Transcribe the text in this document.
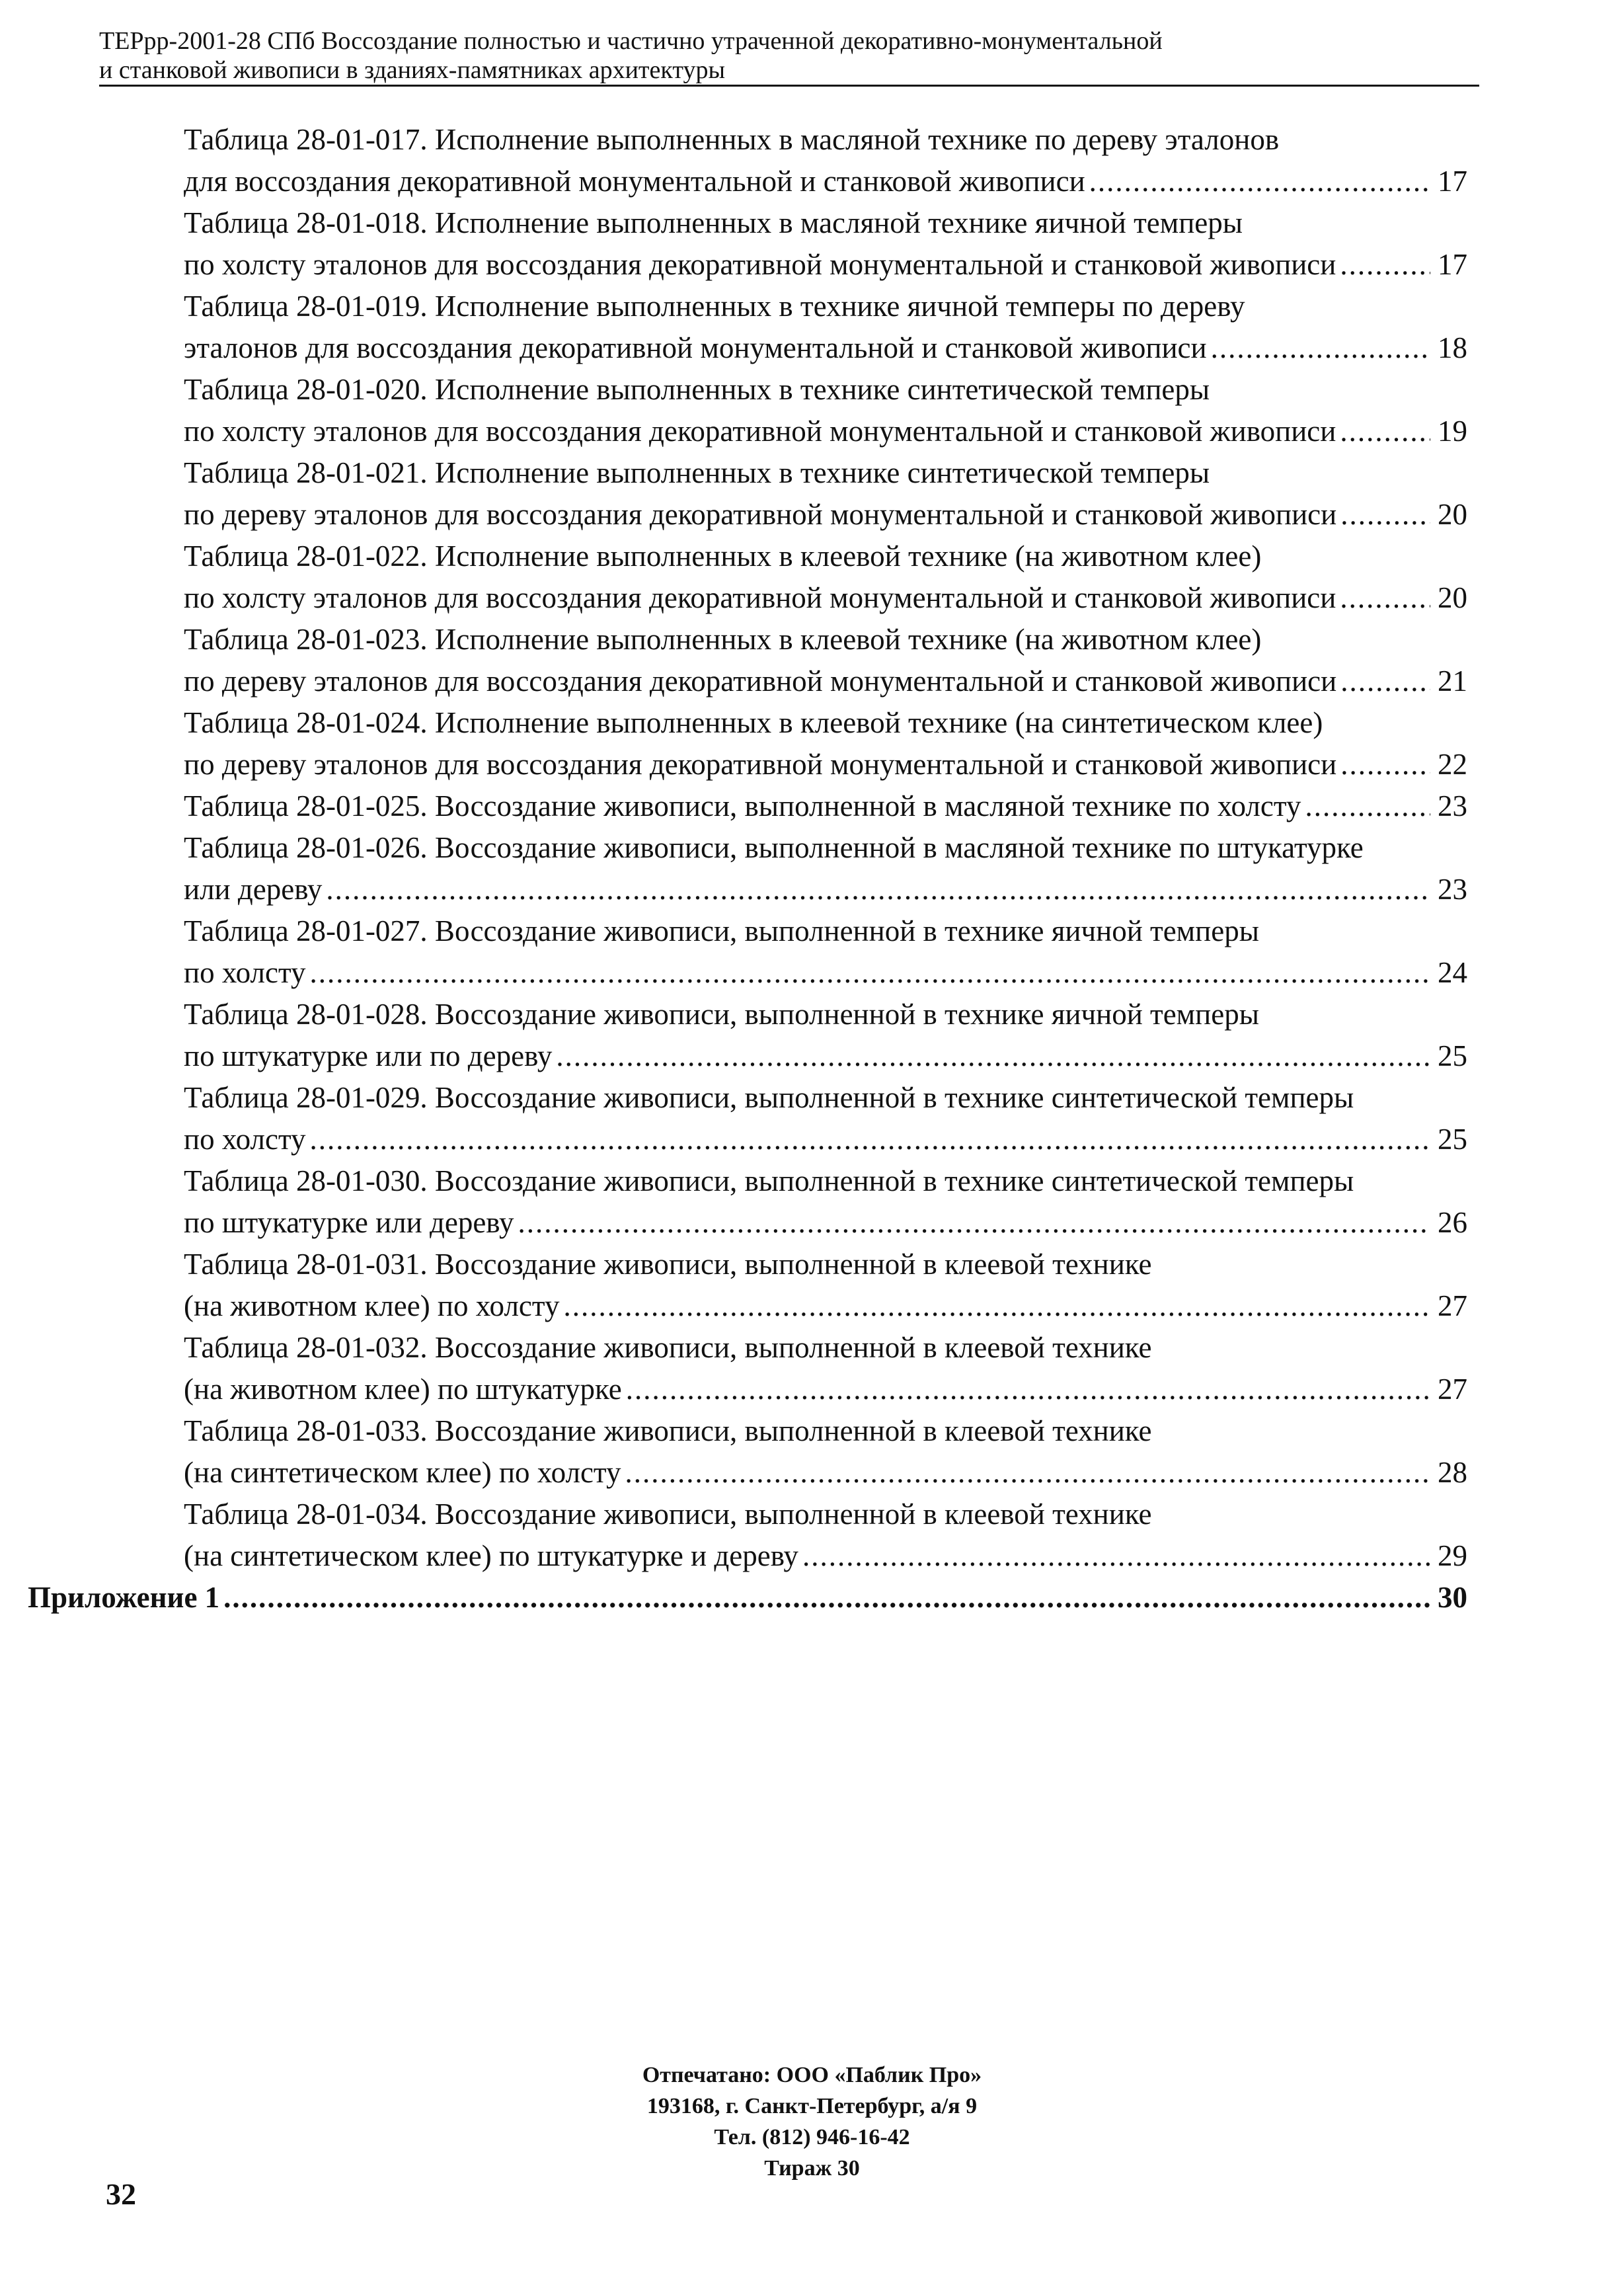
ТЕРрр-2001-28 СПб Воссоздание полностью и частично утраченной декоративно-монументальной
и станковой живописи в зданиях-памятниках архитектуры
Таблица 28-01-017. Исполнение выполненных в масляной технике по дереву эталонов
для воссоздания декоративной монументальной и станковой живописи .....	17
Таблица 28-01-018. Исполнение выполненных в масляной технике яичной темперы
по холсту эталонов для воссоздания декоративной монументальной и станковой живописи .....	17
Таблица 28-01-019. Исполнение выполненных в технике яичной темперы по дереву
эталонов для воссоздания декоративной монументальной и станковой живописи .....	18
Таблица 28-01-020. Исполнение выполненных в технике синтетической темперы
по холсту эталонов для воссоздания декоративной монументальной и станковой живописи .....	19
Таблица 28-01-021. Исполнение выполненных в технике синтетической темперы
по дереву эталонов для воссоздания декоративной монументальной и станковой живописи .....	20
Таблица 28-01-022. Исполнение выполненных в клеевой технике (на животном клее)
по холсту эталонов для воссоздания декоративной монументальной и станковой живописи .....	20
Таблица 28-01-023. Исполнение выполненных в клеевой технике (на животном клее)
по дереву эталонов для воссоздания декоративной монументальной и станковой живописи .....	21
Таблица 28-01-024. Исполнение выполненных в клеевой технике (на синтетическом клее)
по дереву эталонов для воссоздания декоративной монументальной и станковой живописи .....	22
Таблица 28-01-025. Воссоздание живописи, выполненной в масляной технике по холсту .....	23
Таблица 28-01-026. Воссоздание живописи, выполненной в масляной технике по штукатурке
или дереву .....	23
Таблица 28-01-027. Воссоздание живописи, выполненной в технике яичной темперы
по холсту .....	24
Таблица 28-01-028. Воссоздание живописи, выполненной в технике яичной темперы
по штукатурке или по дереву .....	25
Таблица 28-01-029. Воссоздание живописи, выполненной в технике синтетической темперы
по холсту .....	25
Таблица 28-01-030. Воссоздание живописи, выполненной в технике синтетической темперы
по штукатурке или дереву .....	26
Таблица 28-01-031. Воссоздание живописи, выполненной в клеевой технике
(на животном клее) по холсту .....	27
Таблица 28-01-032. Воссоздание живописи, выполненной в клеевой технике
(на животном клее) по штукатурке .....	27
Таблица 28-01-033. Воссоздание живописи, выполненной в клеевой технике
(на синтетическом клее) по холсту .....	28
Таблица 28-01-034. Воссоздание живописи, выполненной в клеевой технике
(на синтетическом клее) по штукатурке и дереву .....	29
Приложение 1 .....	30
Отпечатано: ООО «Паблик Про»
193168, г. Санкт-Петербург, а/я 9
Тел. (812) 946-16-42
Тираж 30
32
